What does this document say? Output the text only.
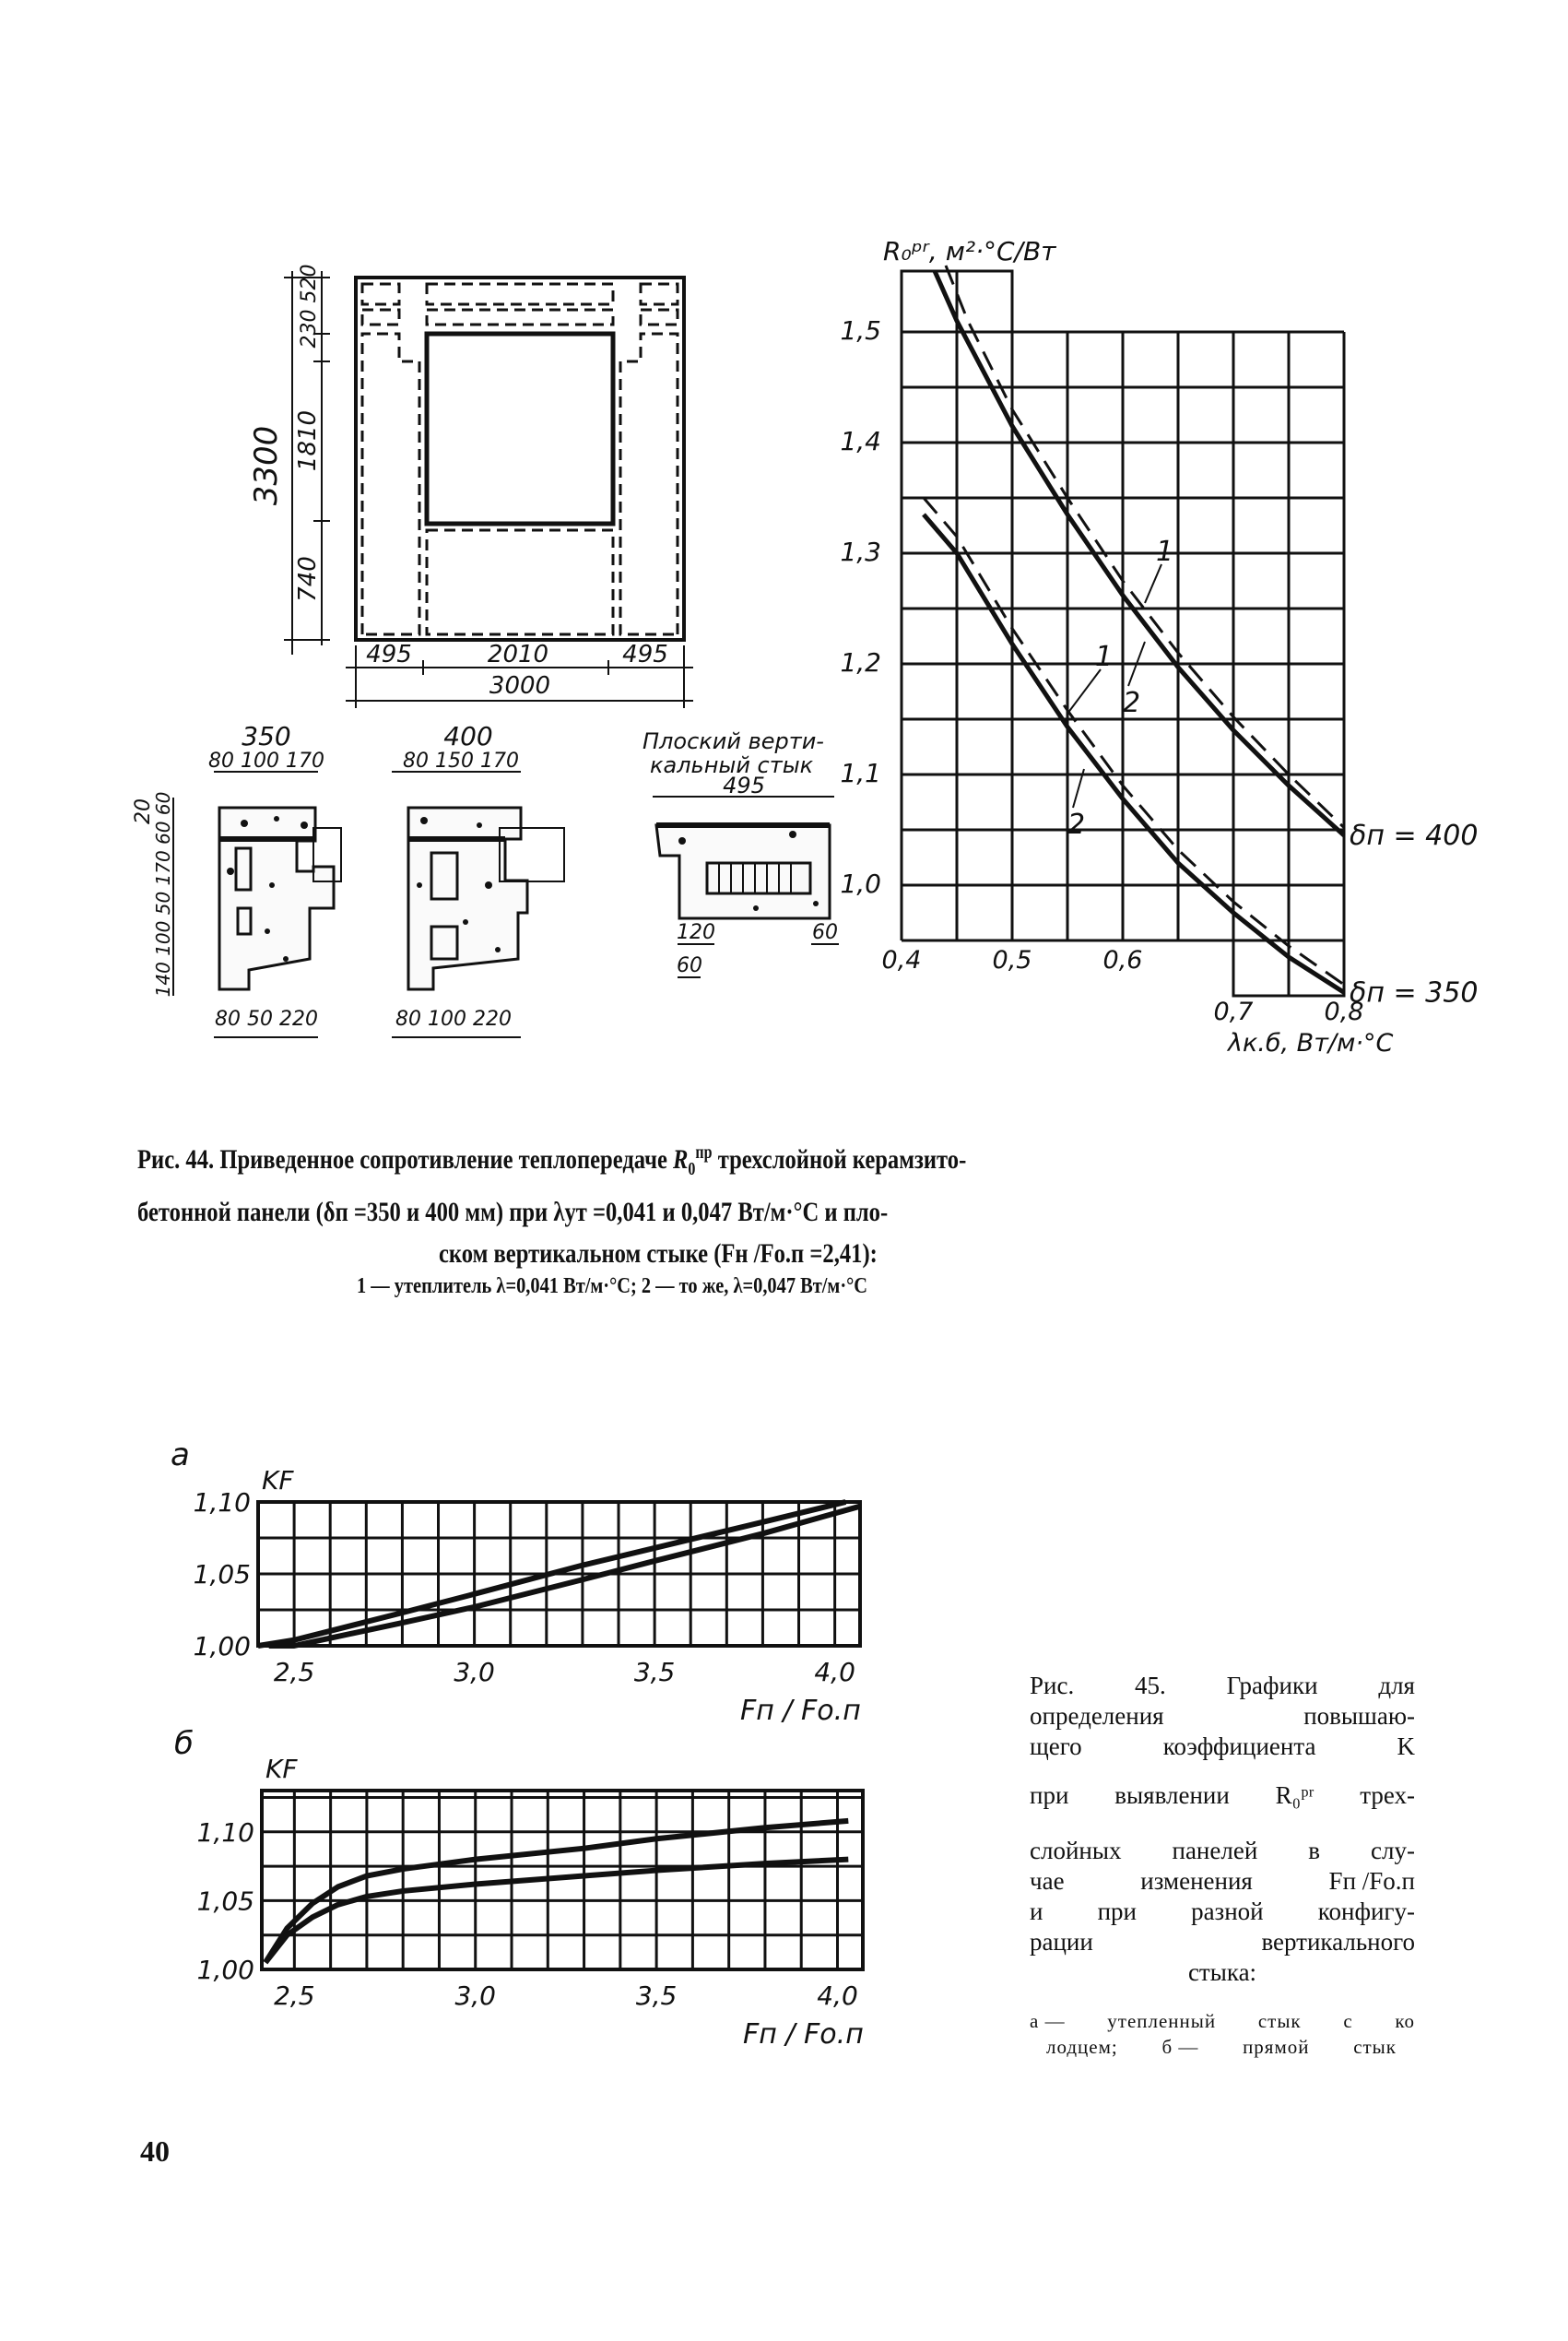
3300
230 520
1810
740
495	2010	495
3000
350
80 100 170
80 50 220
20
140 100 50 170 60 60
400
80 150 170
80 100 220
Плоский верти-
кальный стык
495
120	60
60
1,0
1,1
1,2
1,3
1,4
1,5
0,4	0,5	0,6
0,7	0,8
R₀ᵖʳ, м²·°С/Вт
λк.б, Вт/м·°С
δп = 400
δп = 350
1
2
1
2
1,00
1,05
1,10
2,5	3,0	3,5	4,0
KF
Fп / Fо.п
а
1,00
1,05
1,10
2,5	3,0	3,5	4,0
KF
Fп / Fо.п
б
Рис. 44. Приведенное сопротивление теплопередаче $R_0^{пр}$ трехслойной керамзито-
бетонной панели (δп =350 и 400 мм) при λут =0,041 и 0,047 Вт/м·°С и пло-
ском вертикальном стыке (Fн /Fо.п =2,41):
1 — утеплитель λ=0,041 Вт/м·°С; 2 — то же, λ=0,047 Вт/м·°С
Рис. 45. Графики для
определения	повышаю-
щего	коэффициента	K
при выявлении R₀ᵖʳ трех-
слойных панелей в слу-
чае	изменения	Fп /Fо.п
и при разной конфигу-
рации	вертикального
стыка:
а — утепленный стык с ко
лодцем; б — прямой стык
40
